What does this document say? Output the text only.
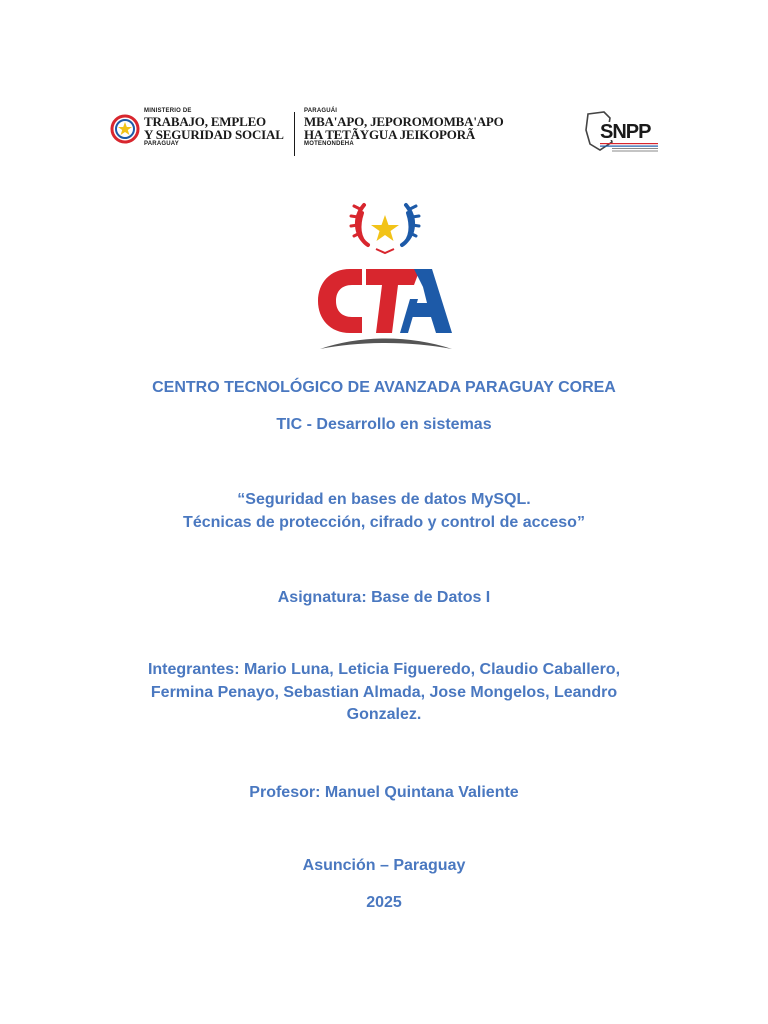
MINISTERIO DE
TRABAJO, EMPLEO
Y SEGURIDAD SOCIAL
PARAGUAY
PARAGUÁI
MBA'APO, JEPOROMOMBA'APO
HA TETÃYGUA JEIKOPORÃ
MOTENONDEHA
SNPP
CENTRO TECNOLÓGICO DE AVANZADA PARAGUAY COREA
TIC - Desarrollo en sistemas
“Seguridad en bases de datos MySQL.
Técnicas de protección, cifrado y control de acceso”
Asignatura: Base de Datos I
Integrantes: Mario Luna, Leticia Figueredo, Claudio Caballero,
Fermina Penayo, Sebastian Almada, Jose Mongelos, Leandro
Gonzalez.
Profesor: Manuel Quintana Valiente
Asunción – Paraguay
2025
